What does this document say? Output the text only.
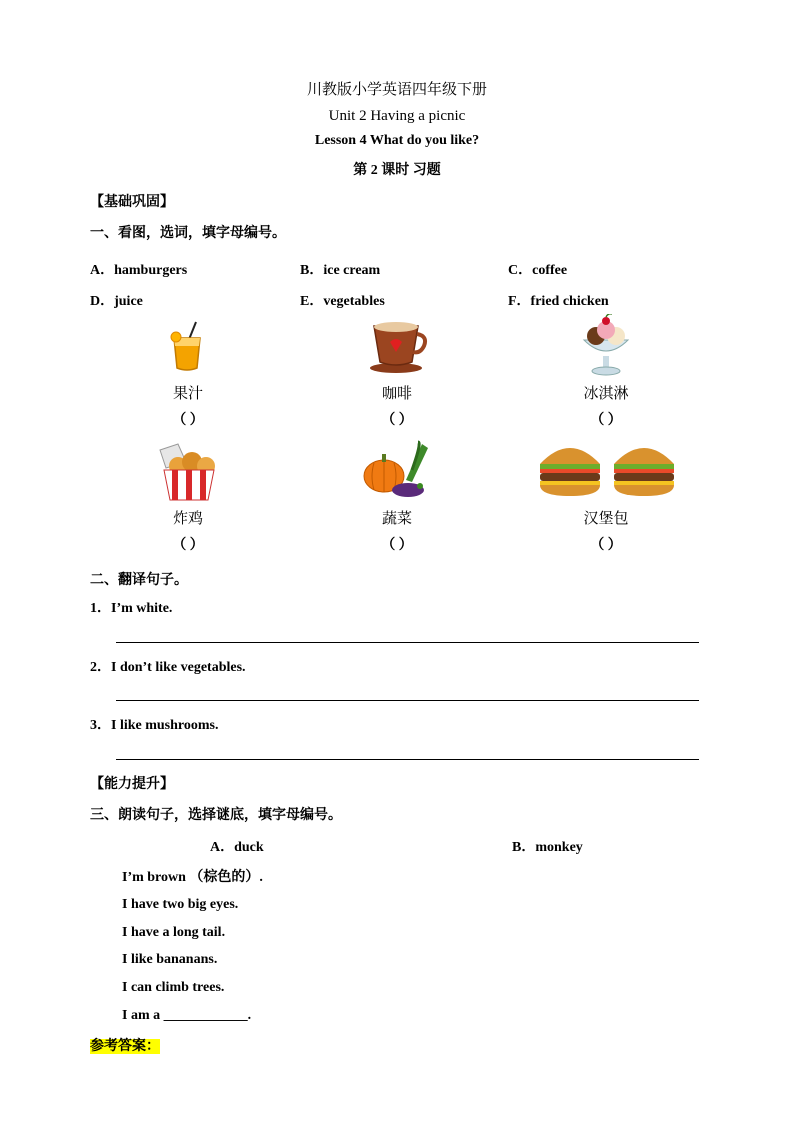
川教版小学英语四年级下册
Unit 2 Having a picnic
Lesson 4 What do you like?
第 2 课时 习题
【基础巩固】
一、看图，选词，填字母编号。
A．hamburgers	B．ice cream	C．coffee
D．juice	E．vegetables	F．fried chicken
果汁	咖啡	冰淇淋
（ ）	（ ）	（ ）
炸鸡	蔬菜	汉堡包
（ ）	（ ）	（ ）
二、翻译句子。
1．I’m white.
2．I don’t like vegetables.
3．I like mushrooms.
【能力提升】
三、朗读句子，选择谜底，填字母编号。
A．duck	B．monkey
I’m brown （棕色的）.
I have two big eyes.
I have a long tail.
I like bananans.
I can climb trees.
I am a ____________.
参考答案：
